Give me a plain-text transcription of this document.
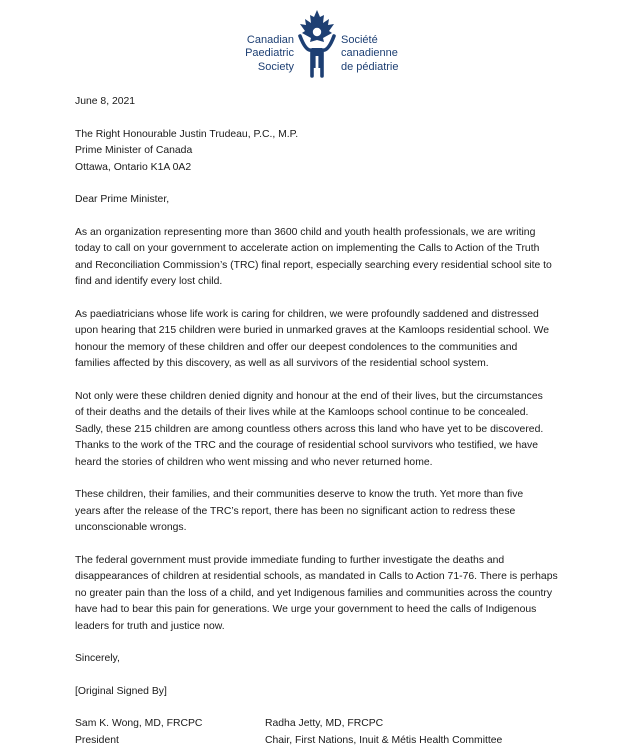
Canadian
Paediatric
Society
Société
canadienne
de pédiatrie
June 8, 2021
The Right Honourable Justin Trudeau, P.C., M.P.
Prime Minister of Canada
Ottawa, Ontario K1A 0A2
Dear Prime Minister,
As an organization representing more than 3600 child and youth health professionals, we are writing
today to call on your government to accelerate action on implementing the Calls to Action of the Truth
and Reconciliation Commission’s (TRC) final report, especially searching every residential school site to
find and identify every lost child.
As paediatricians whose life work is caring for children, we were profoundly saddened and distressed
upon hearing that 215 children were buried in unmarked graves at the Kamloops residential school. We
honour the memory of these children and offer our deepest condolences to the communities and
families affected by this discovery, as well as all survivors of the residential school system.
Not only were these children denied dignity and honour at the end of their lives, but the circumstances
of their deaths and the details of their lives while at the Kamloops school continue to be concealed.
Sadly, these 215 children are among countless others across this land who have yet to be discovered.
Thanks to the work of the TRC and the courage of residential school survivors who testified, we have
heard the stories of children who went missing and who never returned home.
These children, their families, and their communities deserve to know the truth. Yet more than five
years after the release of the TRC’s report, there has been no significant action to redress these
unconscionable wrongs.
The federal government must provide immediate funding to further investigate the deaths and
disappearances of children at residential schools, as mandated in Calls to Action 71-76. There is perhaps
no greater pain than the loss of a child, and yet Indigenous families and communities across the country
have had to bear this pain for generations. We urge your government to heed the calls of Indigenous
leaders for truth and justice now.
Sincerely,
[Original Signed By]
Sam K. Wong, MD, FRCPC	Radha Jetty, MD, FRCPC
President	Chair, First Nations, Inuit & Métis Health Committee
